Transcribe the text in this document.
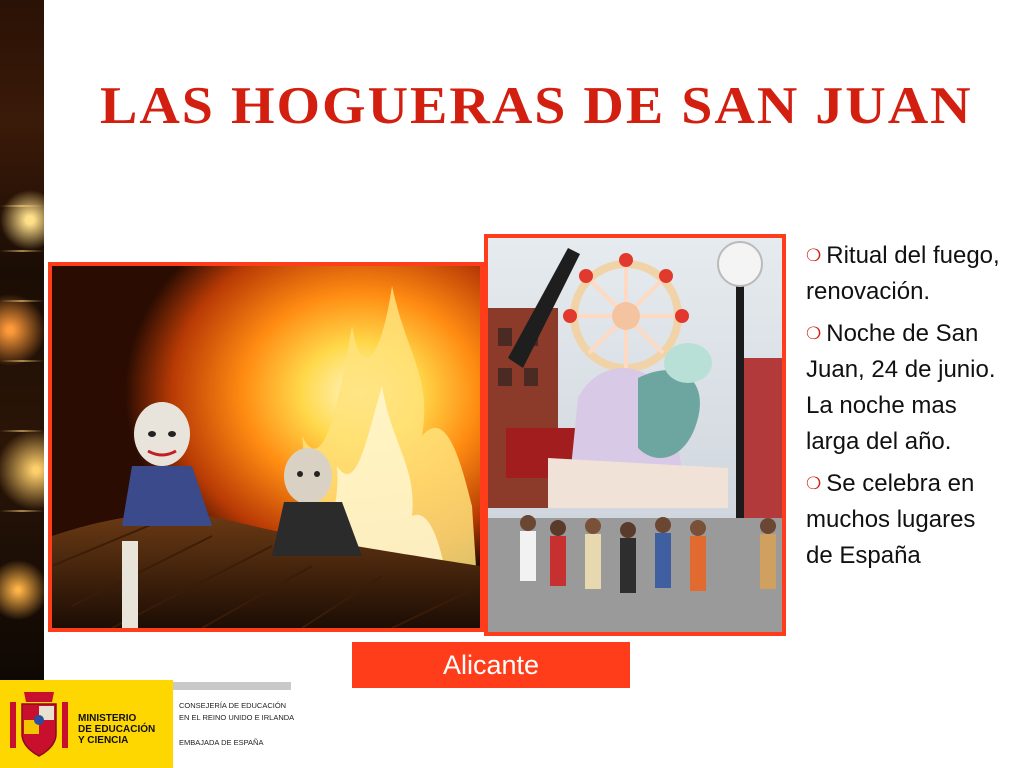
LAS HOGUERAS DE SAN JUAN
Alicante
❍ Ritual del fuego, renovación.
❍ Noche de San Juan, 24 de junio. La noche mas larga del año.
❍ Se celebra en muchos lugares de España
MINISTERIO
DE EDUCACIÓN
Y CIENCIA
CONSEJERÍA DE EDUCACIÓN
EN EL REINO UNIDO E IRLANDA
EMBAJADA DE ESPAÑA
